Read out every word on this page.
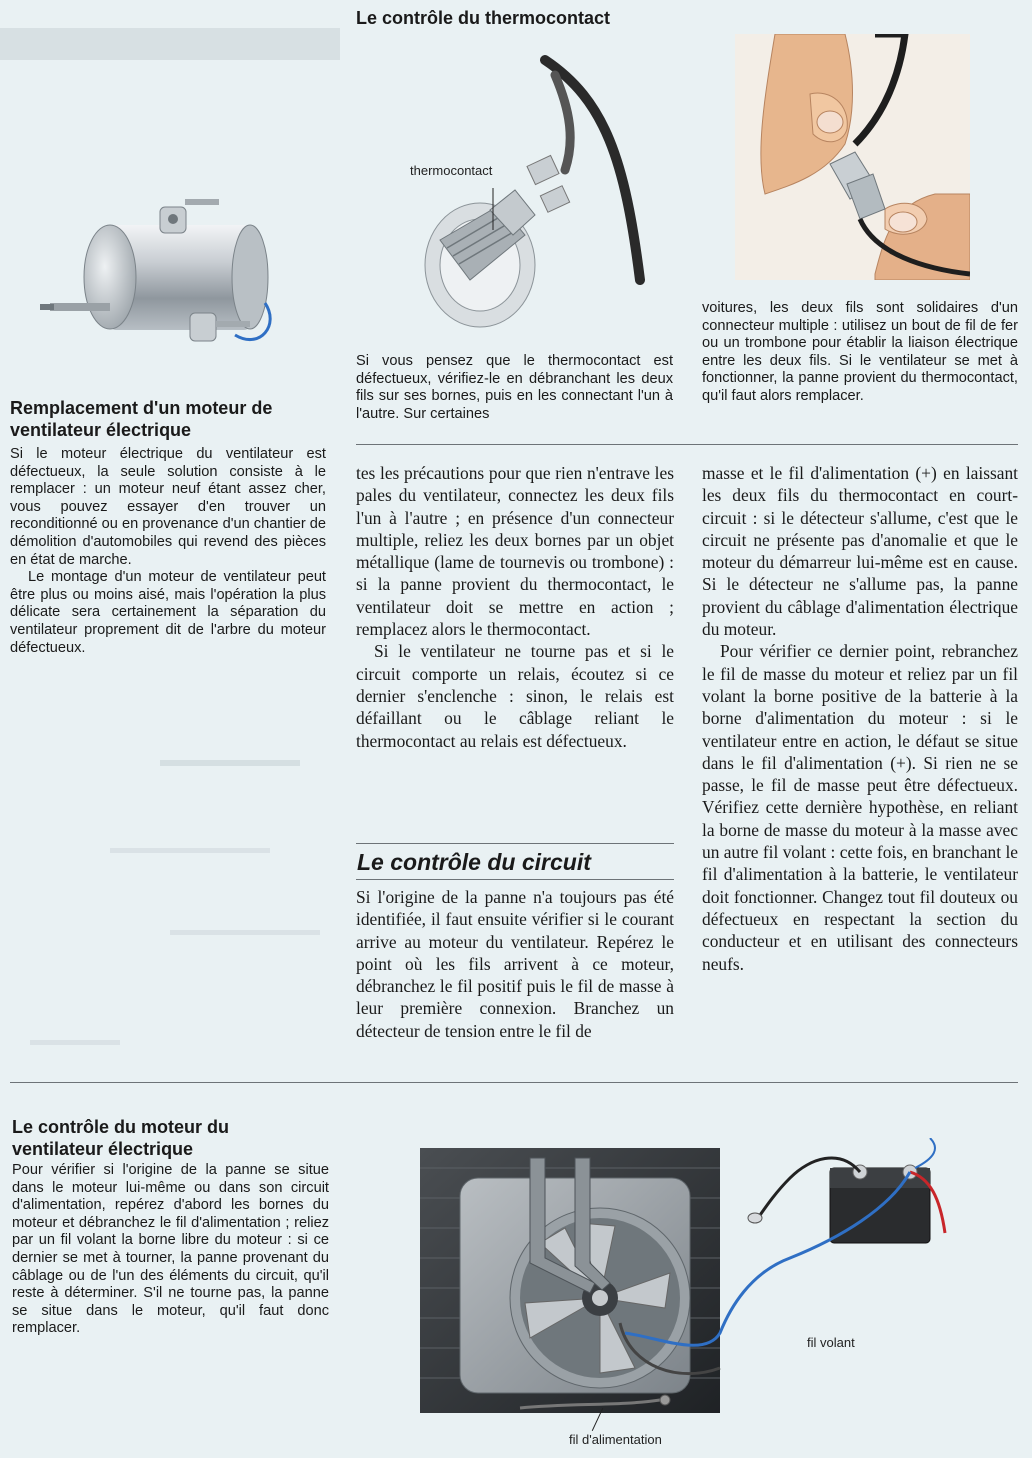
Remplacement d'un moteur de ventilateur électrique

Si le moteur électrique du ventilateur est défectueux, la seule solution consiste à le remplacer : un moteur neuf étant assez cher, vous pouvez essayer d'en trouver un reconditionné ou en provenance d'un chantier de démolition d'automobiles qui revend des pièces en état de marche.

Le montage d'un moteur de ventilateur peut être plus ou moins aisé, mais l'opération la plus délicate sera certainement la séparation du ventilateur proprement dit de l'arbre du moteur défectueux.

Le contrôle du thermocontact
thermocontact

Si vous pensez que le thermocontact est défectueux, vérifiez-le en débranchant les deux fils sur ses bornes, puis en les connectant l'un à l'autre. Sur certaines

voitures, les deux fils sont solidaires d'un connecteur multiple : utilisez un bout de fil de fer ou un trombone pour établir la liaison électrique entre les deux fils. Si le ventilateur se met à fonctionner, la panne provient du thermocontact, qu'il faut alors remplacer.

tes les précautions pour que rien n'entrave les pales du ventilateur, connectez les deux fils l'un à l'autre ; en présence d'un connecteur multiple, reliez les deux bornes par un objet métallique (lame de tournevis ou trombone) : si la panne provient du thermocontact, le ventilateur doit se mettre en action ; remplacez alors le thermocontact.

Si le ventilateur ne tourne pas et si le circuit comporte un relais, écoutez si ce dernier s'enclenche : sinon, le relais est défaillant ou le câblage reliant le thermocontact au relais est défectueux.

Le contrôle du circuit

Si l'origine de la panne n'a toujours pas été identifiée, il faut ensuite vérifier si le courant arrive au moteur du ventilateur. Repérez le point où les fils arrivent à ce moteur, débranchez le fil positif puis le fil de masse à leur première connexion. Branchez un détecteur de tension entre le fil de

masse et le fil d'alimentation (+) en laissant les deux fils du thermocontact en court-circuit : si le détecteur s'allume, c'est que le circuit ne présente pas d'anomalie et que le moteur du démarreur lui-même est en cause. Si le détecteur ne s'allume pas, la panne provient du câblage d'alimentation électrique du moteur.

Pour vérifier ce dernier point, rebranchez le fil de masse du moteur et reliez par un fil volant la borne positive de la batterie à la borne d'alimentation du moteur : si le ventilateur entre en action, le défaut se situe dans le fil d'alimentation (+). Si rien ne se passe, le fil de masse peut être défectueux. Vérifiez cette dernière hypothèse, en reliant la borne de masse du moteur à la masse avec un autre fil volant : cette fois, en branchant le fil d'alimentation à la batterie, le ventilateur doit fonctionner. Changez tout fil douteux ou défectueux en respectant la section du conducteur et en utilisant des connecteurs neufs.

Le contrôle du moteur du ventilateur électrique

Pour vérifier si l'origine de la panne se situe dans le moteur lui-même ou dans son circuit d'alimentation, repérez d'abord les bornes du moteur et débranchez le fil d'alimentation ; reliez par un fil volant la borne libre du moteur : si ce dernier se met à tourner, la panne provenant du câblage ou de l'un des éléments du circuit, qu'il reste à déterminer. S'il ne tourne pas, la panne se situe dans le moteur, qu'il faut donc remplacer.

fil volant
fil d'alimentation
